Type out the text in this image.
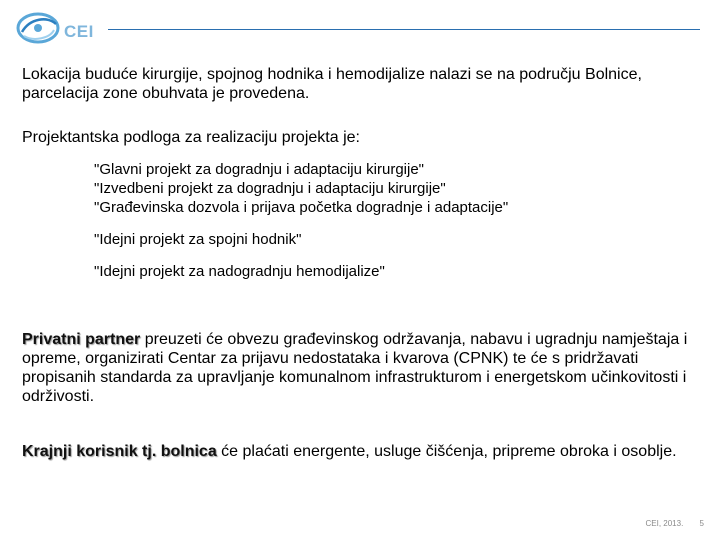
CEI

Lokacija buduće kirurgije, spojnog hodnika i hemodijalize nalazi se na području Bolnice, parcelacija zone obuhvata je provedena.

Projektantska podloga za realizaciju projekta je:

"Glavni projekt za dogradnju i adaptaciju kirurgije"
"Izvedbeni projekt za dogradnju i adaptaciju kirurgije"
"Građevinska dozvola i prijava početka dogradnje i adaptacije"
"Idejni projekt za spojni hodnik"
"Idejni projekt za nadogradnju hemodijalize"

Privatni partner preuzeti će obvezu građevinskog održavanja, nabavu i ugradnju namještaja i opreme, organizirati Centar za prijavu nedostataka i kvarova (CPNK) te će s pridržavati propisanih standarda za upravljanje komunalnom infrastrukturom i energetskom učinkovitosti i održivosti.

Krajnji korisnik tj. bolnica će plaćati energente, usluge čišćenja, pripreme obroka i osoblje.

CEI, 2013. 5
